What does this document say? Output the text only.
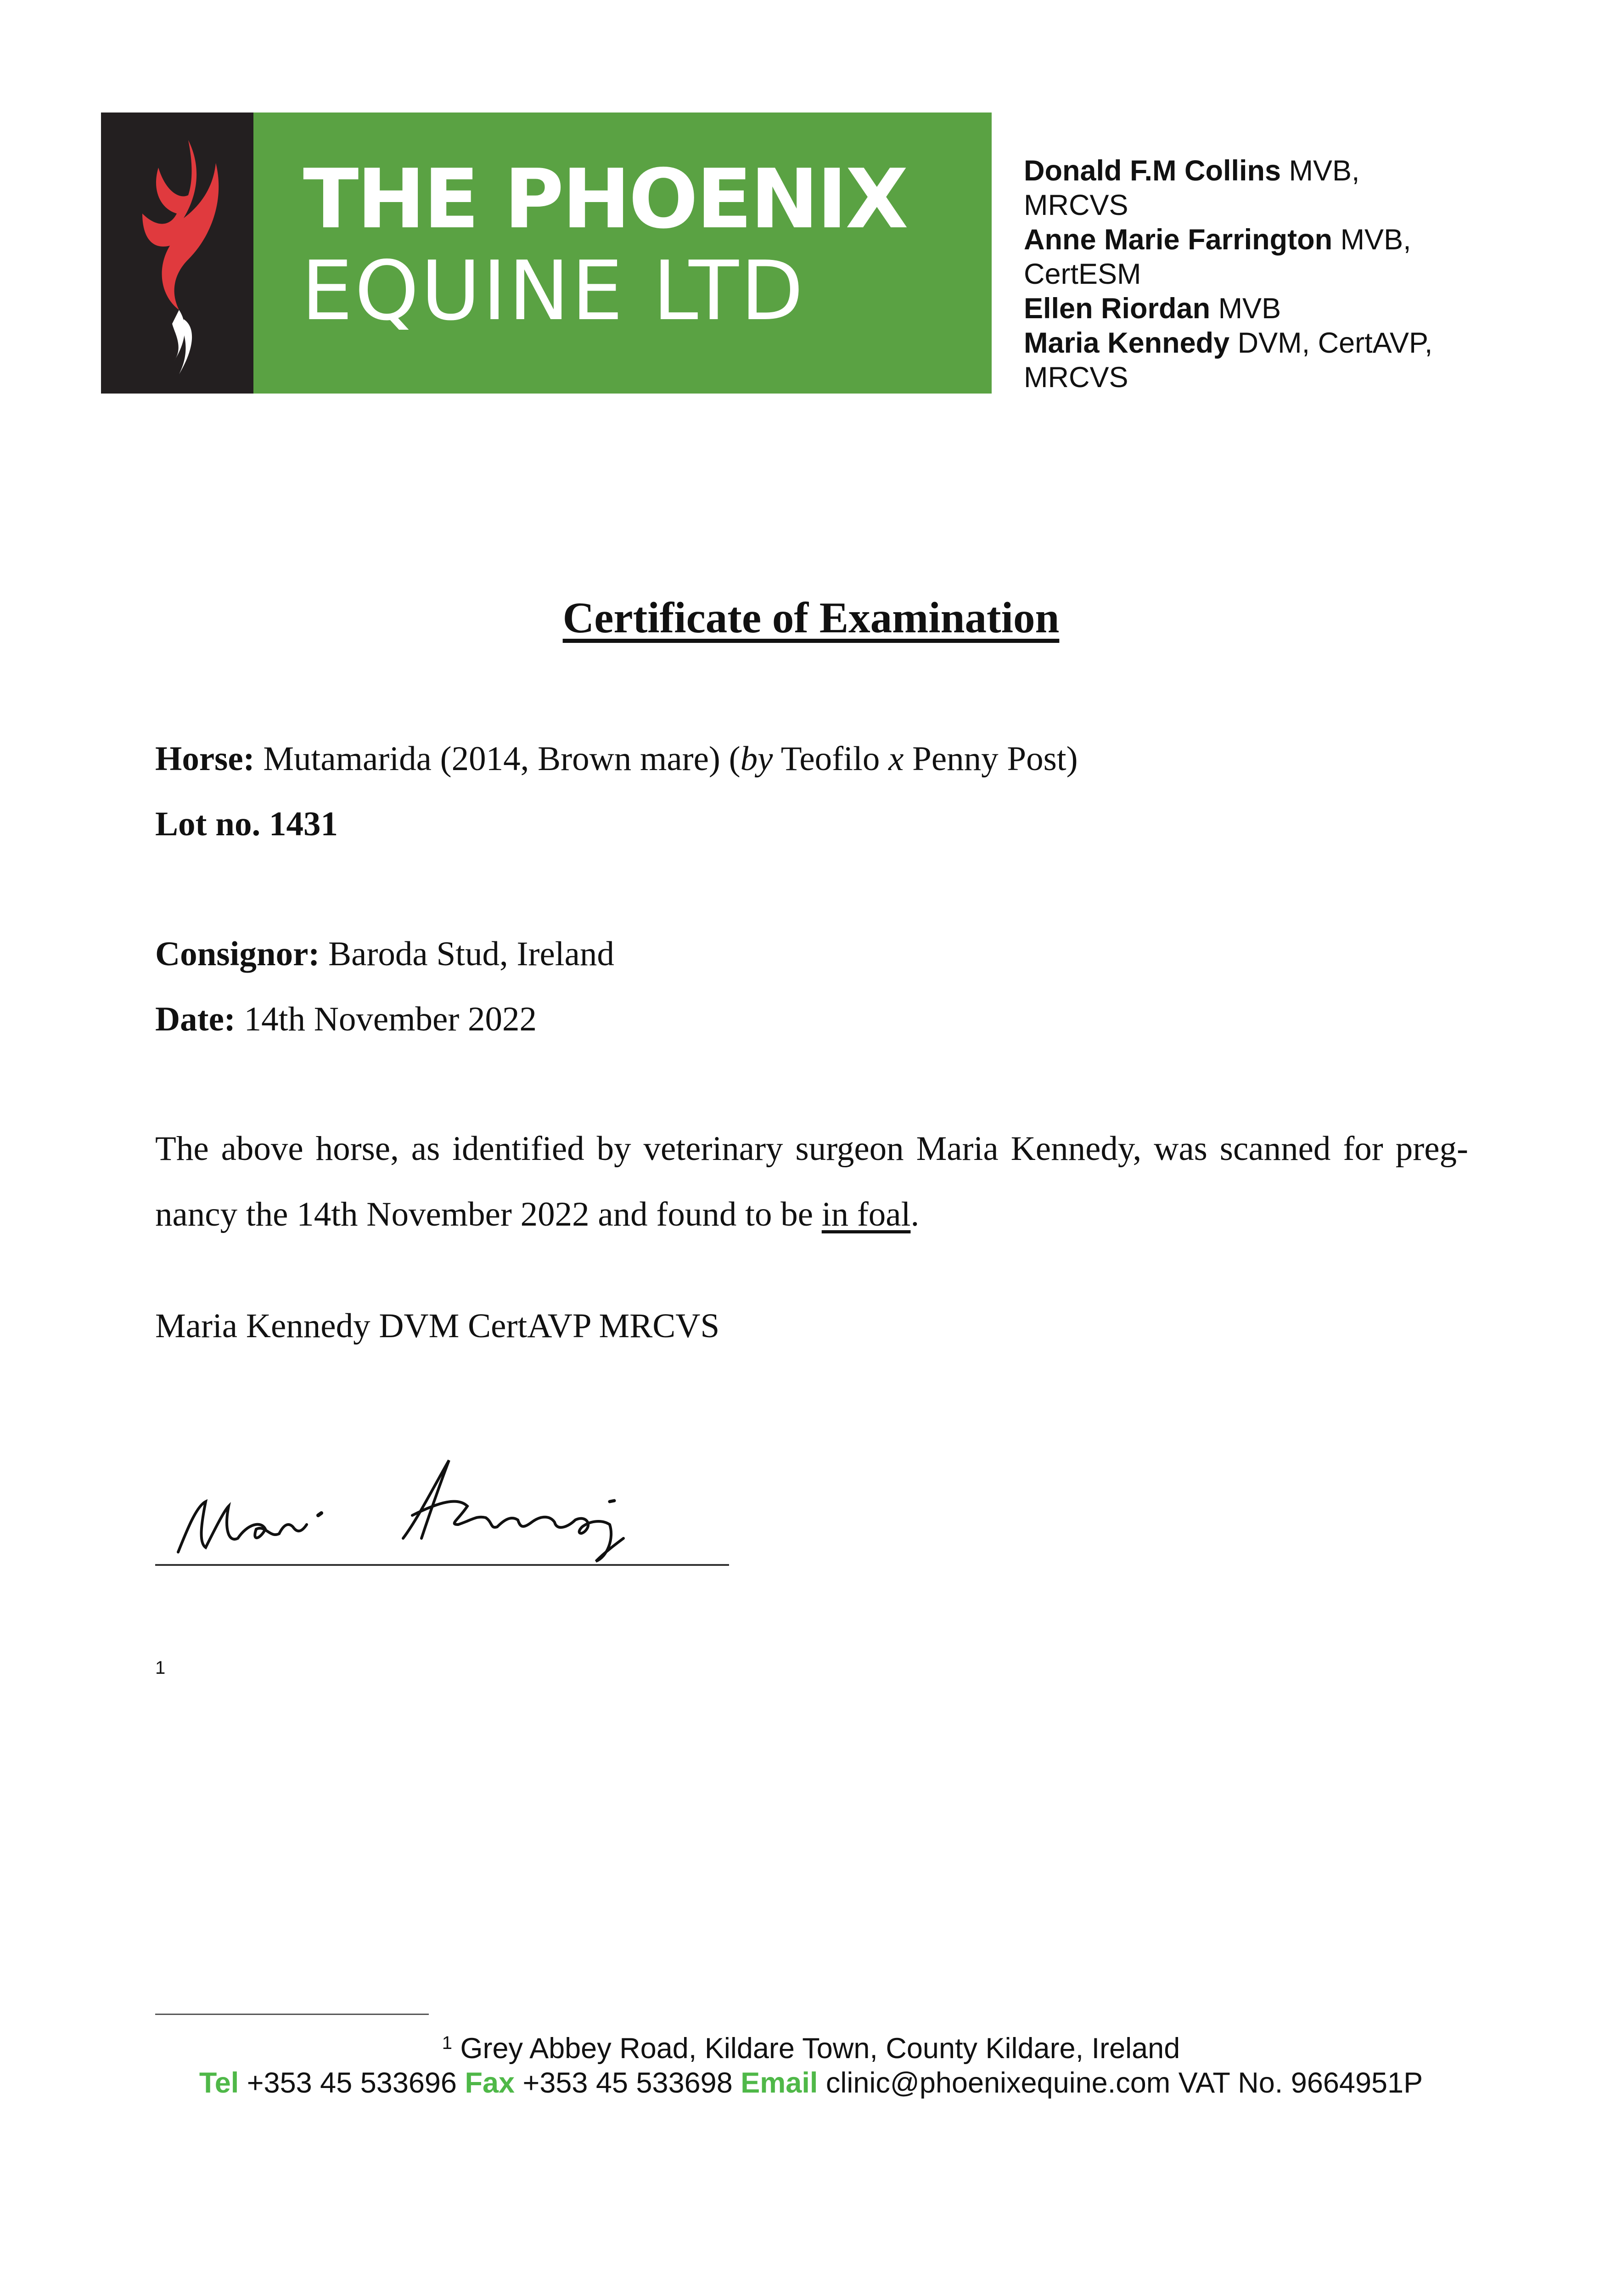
THE PHOENIX
EQUINE LTD
Donald F.M Collins MVB,
MRCVS
Anne Marie Farrington MVB,
CertESM
Ellen Riordan MVB
Maria Kennedy DVM, CertAVP,
MRCVS
Certificate of Examination
Horse: Mutamarida (2014, Brown mare) (by Teofilo x Penny Post)
Lot no. 1431
Consignor: Baroda Stud, Ireland
Date: 14th November 2022
The above horse, as identified by veterinary surgeon Maria Kennedy, was scanned for preg-nancy the 14th November 2022 and found to be in foal.
Maria Kennedy DVM CertAVP MRCVS
1
$^1$ Grey Abbey Road, Kildare Town, County Kildare, Ireland
Tel +353 45 533696 Fax +353 45 533698 Email clinic@phoenixequine.com VAT No. 9664951P
